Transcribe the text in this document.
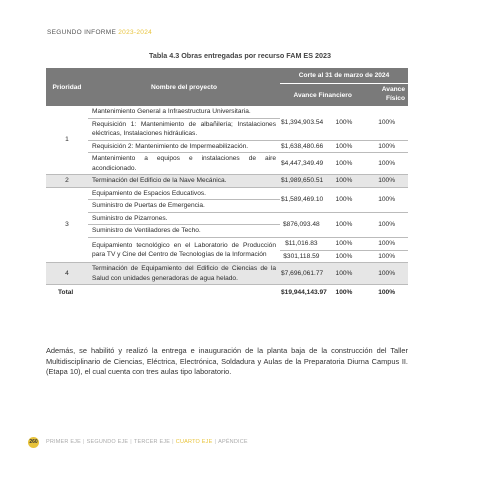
SEGUNDO INFORME 2023-2024
Tabla 4.3 Obras entregadas por recurso FAM ES 2023
Prioridad	Nombre del proyecto	Corte al 31 de marzo de 2024		
		Avance Financiero		Avance Físico
1	Mantenimiento General a Infraestructura Universitaria.	$1,394,903.54	100%	100%
	Requisición 1: Mantenimiento de albañilería; Instalaciones eléctricas, Instalaciones hidráulicas.			
	Requisición 2: Mantenimiento de Impermeabilización.	$1,638,480.66	100%	100%
	Mantenimiento a equipos e instalaciones de aire acondicionado.	$4,447,349.49	100%	100%
2	Terminación del Edificio de la Nave Mecánica.	$1,989,650.51	100%	100%
3	Equipamiento de Espacios Educativos.	$1,589,469.10	100%	100%
	Suministro de Puertas de Emergencia.			
	Suministro de Pizarrones.	$876,093.48	100%	100%
	Suministro de Ventiladores de Techo.			
	Equipamiento tecnológico en el Laboratorio de Producción para TV y Cine del Centro de Tecnologías de la Información	$11,016.83	100%	100%
		$301,118.59	100%	100%
4	Terminación de Equipamiento del Edificio de Ciencias de la Salud con unidades generadoras de agua helado.	$7,696,061.77	100%	100%
Total		$19,944,143.97	100%	100%

Además, se habilitó y realizó la entrega e inauguración de la planta baja de la construcción del Taller Multidisciplinario de Ciencias, Eléctrica, Electrónica, Soldadura y Aulas de la Preparatoria Diurna Campus II. (Etapa 10), el cual cuenta con tres aulas tipo laboratorio.

260 PRIMER EJE | SEGUNDO EJE | TERCER EJE | CUARTO EJE | APÉNDICE
